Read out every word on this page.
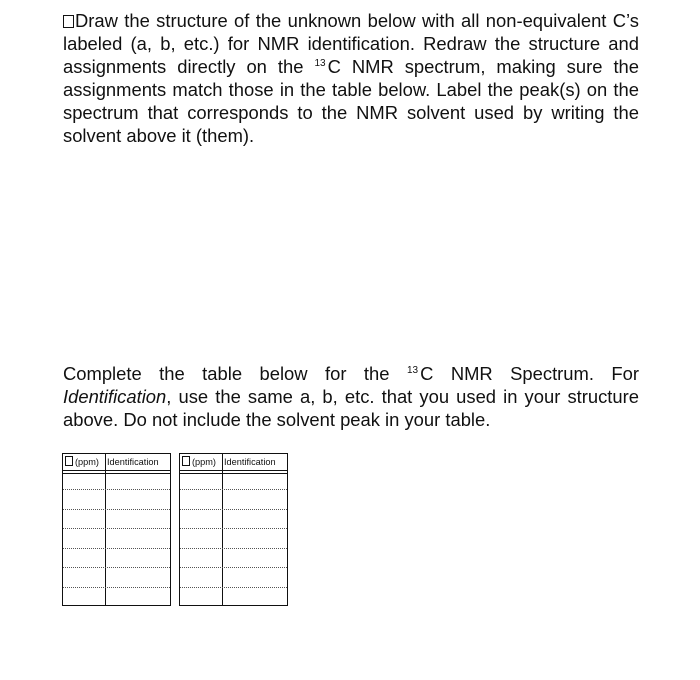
Draw the structure of the unknown below with all non-equivalent C’s labeled (a, b, etc.) for NMR identification. Redraw the structure and assignments directly on the $^{13}$ C NMR spectrum, making sure the assignments match those in the table below. Label the peak(s) on the spectrum that corresponds to the NMR solvent used by writing the solvent above it (them).

Complete the table below for the $^{13}$ C NMR Spectrum. For Identification, use the same a, b, etc. that you used in your structure above. Do not include the solvent peak in your table.

(ppm) Identification	(ppm) Identification
